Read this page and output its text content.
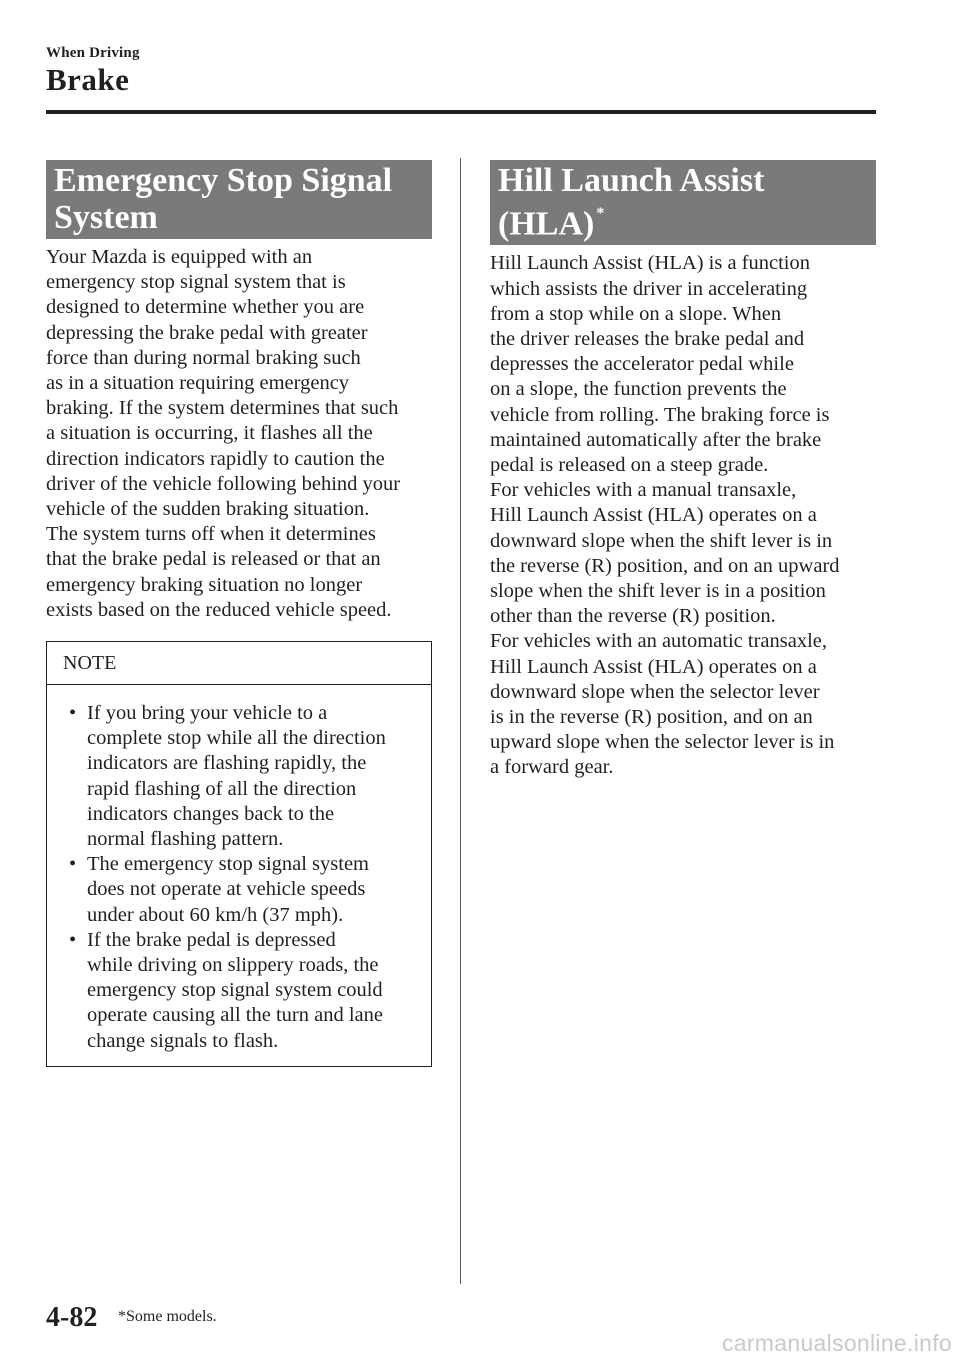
When Driving
Brake
Emergency Stop Signal
System

Your Mazda is equipped with an
emergency stop signal system that is
designed to determine whether you are
depressing the brake pedal with greater
force than during normal braking such
as in a situation requiring emergency
braking. If the system determines that such
a situation is occurring, it flashes all the
direction indicators rapidly to caution the
driver of the vehicle following behind your
vehicle of the sudden braking situation.
The system turns off when it determines
that the brake pedal is released or that an
emergency braking situation no longer
exists based on the reduced vehicle speed.

NOTE
• If you bring your vehicle to a
complete stop while all the direction
indicators are flashing rapidly, the
rapid flashing of all the direction
indicators changes back to the
normal flashing pattern.
• The emergency stop signal system
does not operate at vehicle speeds
under about 60 km/h (37 mph).
• If the brake pedal is depressed
while driving on slippery roads, the
emergency stop signal system could
operate causing all the turn and lane
change signals to flash.
Hill Launch Assist (HLA) *

Hill Launch Assist (HLA) is a function
which assists the driver in accelerating
from a stop while on a slope. When
the driver releases the brake pedal and
depresses the accelerator pedal while
on a slope, the function prevents the
vehicle from rolling. The braking force is
maintained automatically after the brake
pedal is released on a steep grade.
For vehicles with a manual transaxle,
Hill Launch Assist (HLA) operates on a
downward slope when the shift lever is in
the reverse (R) position, and on an upward
slope when the shift lever is in a position
other than the reverse (R) position.
For vehicles with an automatic transaxle,
Hill Launch Assist (HLA) operates on a
downward slope when the selector lever
is in the reverse (R) position, and on an
upward slope when the selector lever is in
a forward gear.

4-82 *Some models.
carmanualsonline.info
